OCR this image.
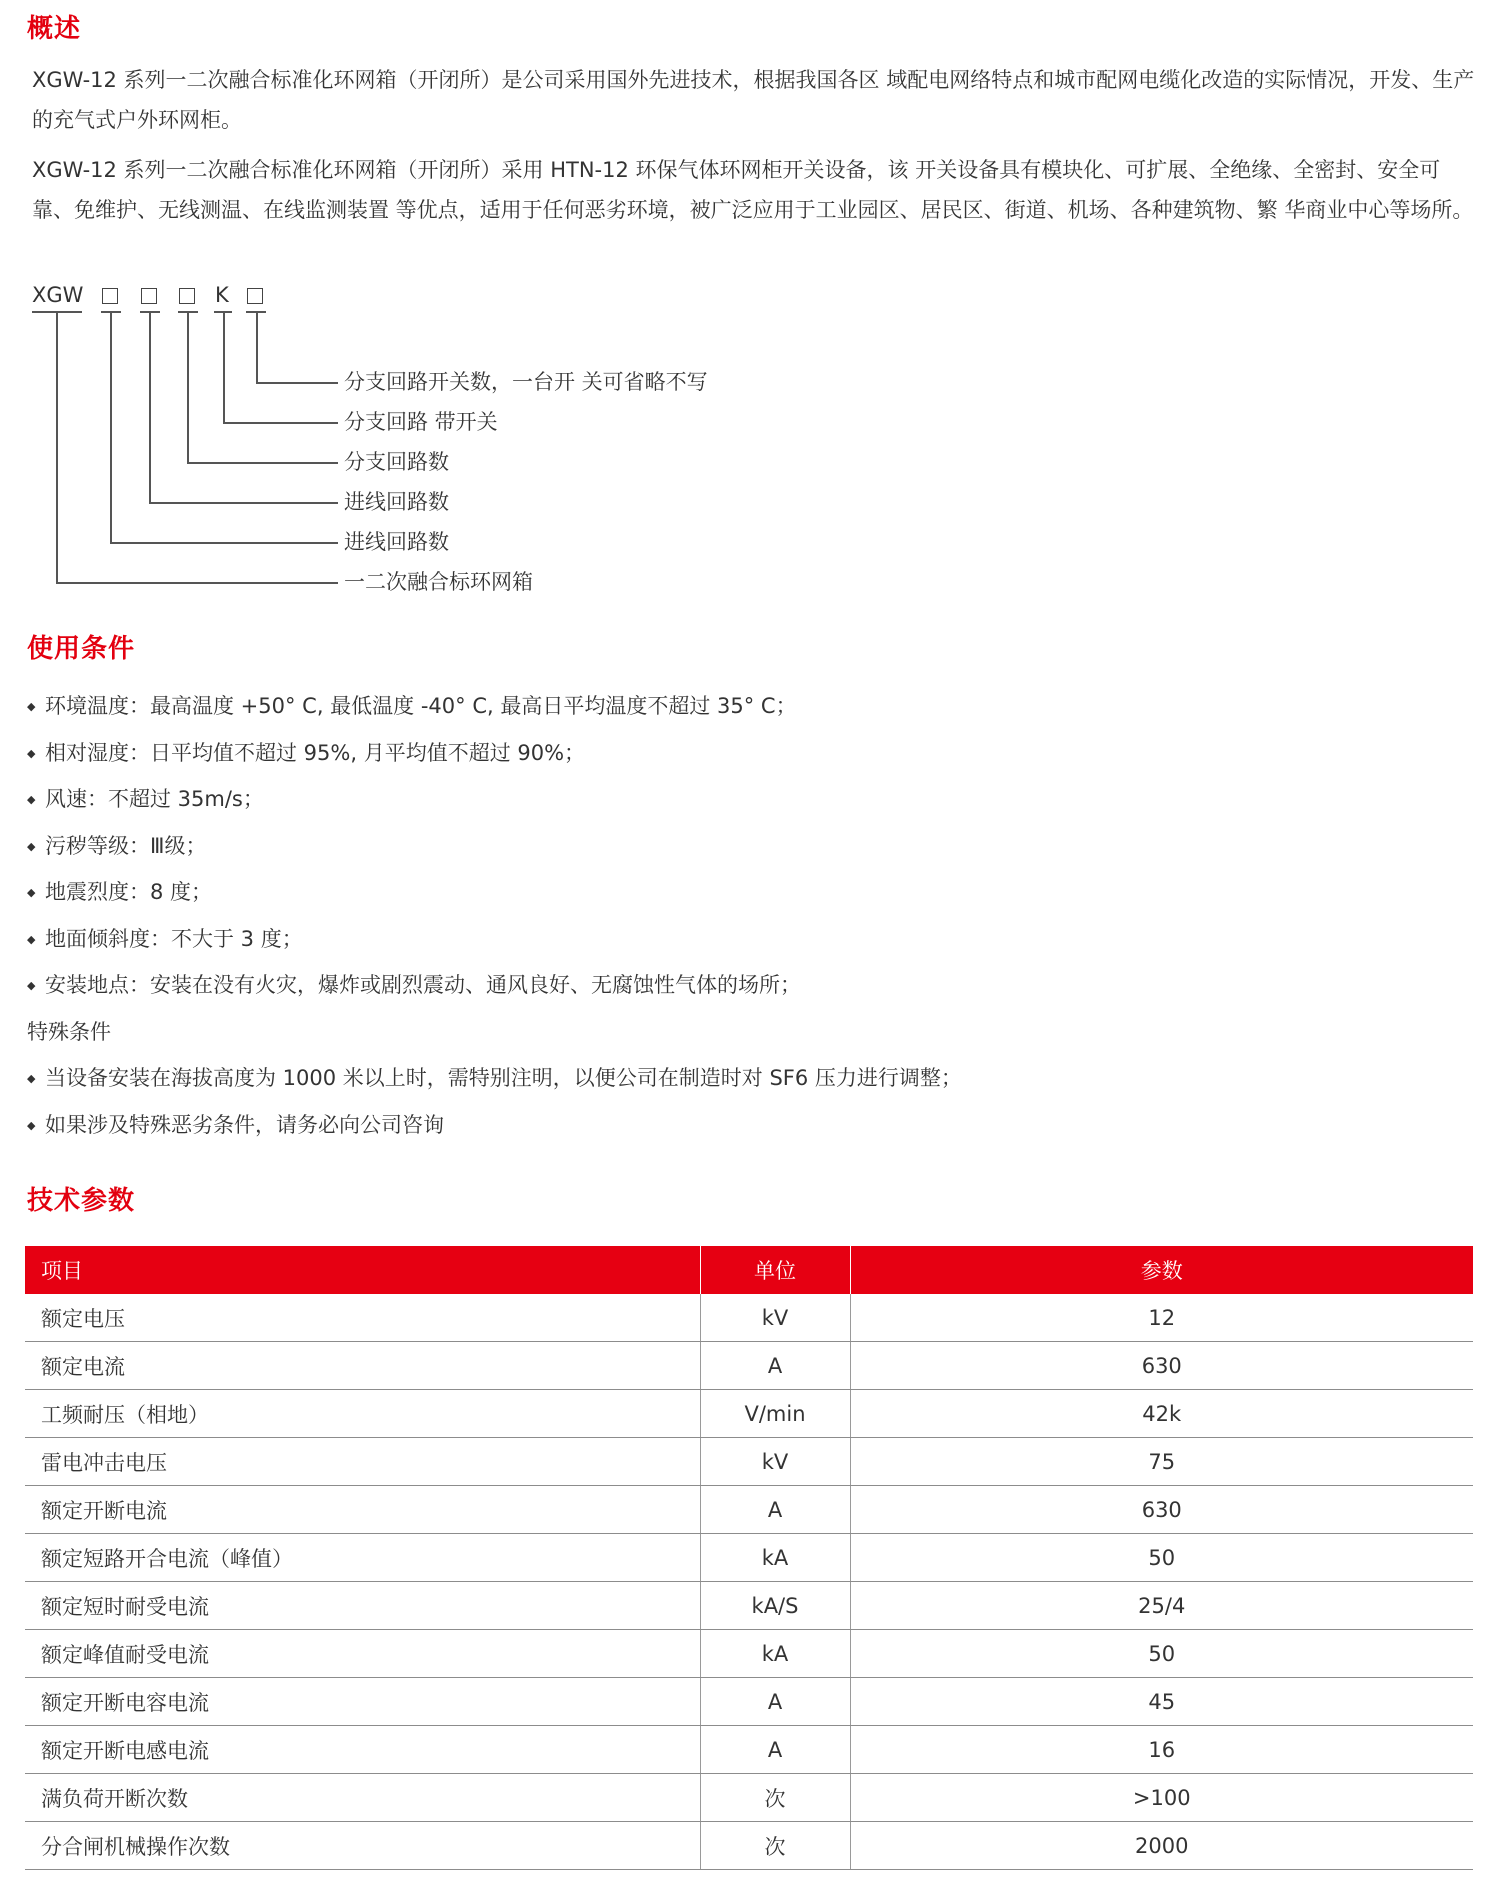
概述

XGW-12 系列一二次融合标准化环网箱（开闭所）是公司采用国外先进技术，根据我国各区 域配电网络特点和城市配网电缆化改造的实际情况，开发、生产的充气式户外环网柜。

XGW-12 系列一二次融合标准化环网箱（开闭所）采用 HTN-12 环保气体环网柜开关设备，该 开关设备具有模块化、可扩展、全绝缘、全密封、安全可靠、免维护、无线测温、在线监测装置 等优点，适用于任何恶劣环境，被广泛应用于工业园区、居民区、街道、机场、各种建筑物、繁 华商业中心等场所。

XGW	K
分支回路开关数，一台开 关可省略不写
分支回路 带开关
分支回路数
进线回路数
进线回路数
一二次融合标环网箱
使用条件
◆ 环境温度：最高温度 +50° C, 最低温度 -40° C, 最高日平均温度不超过 35° C；
◆ 相对湿度：日平均值不超过 95%, 月平均值不超过 90%；
◆ 风速：不超过 35m/s；
◆ 污秽等级：Ⅲ级；
◆ 地震烈度：8 度；
◆ 地面倾斜度：不大于 3 度；
◆ 安装地点：安装在没有火灾，爆炸或剧烈震动、通风良好、无腐蚀性气体的场所；
特殊条件
◆ 当设备安装在海拔高度为 1000 米以上时，需特别注明，以便公司在制造时对 SF6 压力进行调整；
◆ 如果涉及特殊恶劣条件，请务必向公司咨询
技术参数
项目	单位	参数
额定电压	kV	12
额定电流	A	630
工频耐压（相地）	V/min	42k
雷电冲击电压	kV	75
额定开断电流	A	630
额定短路开合电流（峰值）	kA	50
额定短时耐受电流	kA/S	25/4
额定峰值耐受电流	kA	50
额定开断电容电流	A	45
额定开断电感电流	A	16
满负荷开断次数	次	>100
分合闸机械操作次数	次	2000
